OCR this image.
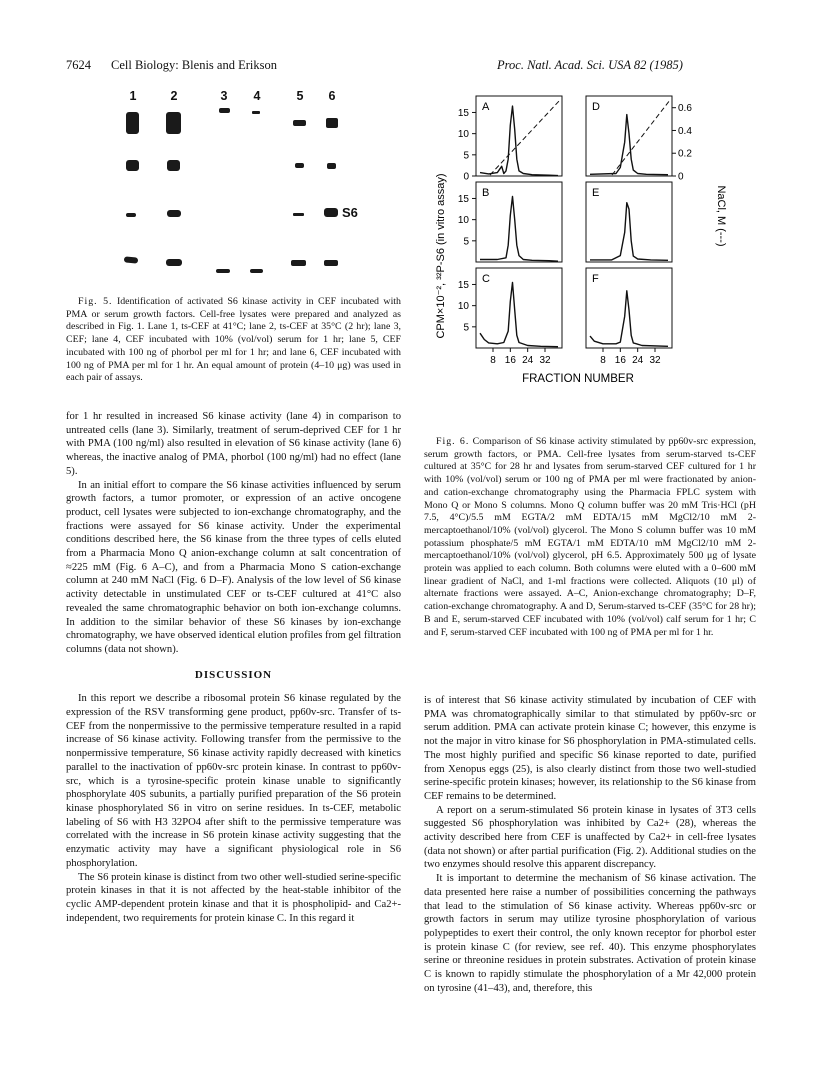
7624 Cell Biology: Blenis and Erikson	Proc. Natl. Acad. Sci. USA 82 (1985)
1	2	3 4	5 6
S6

Fig. 5. Identification of activated S6 kinase activity in CEF incubated with PMA or serum growth factors. Cell-free lysates were prepared and analyzed as described in Fig. 1. Lane 1, ts-CEF at 41°C; lane 2, ts-CEF at 35°C (2 hr); lane 3, CEF; lane 4, CEF incubated with 10% (vol/vol) serum for 1 hr; lane 5, CEF incubated with 100 ng of phorbol per ml for 1 hr; and lane 6, CEF incubated with 100 ng of PMA per ml for 1 hr. An equal amount of protein (4–10 μg) was used in each pair of assays.

for 1 hr resulted in increased S6 kinase activity (lane 4) in comparison to untreated cells (lane 3). Similarly, treatment of serum-deprived CEF for 1 hr with PMA (100 ng/ml) also resulted in elevation of S6 kinase activity (lane 6) whereas, the inactive analog of PMA, phorbol (100 ng/ml) had no effect (lane 5).

In an initial effort to compare the S6 kinase activities influenced by serum growth factors, a tumor promoter, or expression of an active oncogene product, cell lysates were subjected to ion-exchange chromatography, and the fractions were assayed for S6 kinase activity. Under the experimental conditions described here, the S6 kinase from the three types of cells eluted from a Pharmacia Mono Q anion-exchange column at salt concentration of ≈225 mM (Fig. 6 A–C), and from a Pharmacia Mono S cation-exchange column at 240 mM NaCl (Fig. 6 D–F). Analysis of the low level of S6 kinase activity detectable in unstimulated CEF or ts-CEF cultured at 41°C also revealed the same chromatographic behavior on both ion-exchange columns. In addition to the similar behavior of these S6 kinases by ion-exchange chromatography, we have observed identical elution profiles from gel filtration columns (data not shown).

DISCUSSION

In this report we describe a ribosomal protein S6 kinase regulated by the expression of the RSV transforming gene product, pp60v-src. Transfer of ts-CEF from the nonpermissive to the permissive temperature resulted in a rapid increase of S6 kinase activity. Following transfer from the permissive to the nonpermissive temperature, S6 kinase activity rapidly decreased with kinetics parallel to the inactivation of pp60v-src protein kinase. In contrast to pp60v-src, which is a tyrosine-specific protein kinase unable to significantly phosphorylate 40S subunits, a partially purified preparation of the S6 protein kinase phosphorylated S6 in vitro on serine residues. In ts-CEF, metabolic labeling of S6 with H3 32PO4 after shift to the permissive temperature was correlated with the increase in S6 protein kinase activity suggesting that the enzymatic activity may have a significant physiological role in S6 phosphorylation.

The S6 protein kinase is distinct from two other well-studied serine-specific protein kinases in that it is not affected by the heat-stable inhibitor of the cyclic AMP-dependent protein kinase and that it is phospholipid- and Ca2+-independent, two requirements for protein kinase C. In this regard it

A
15
10
5
0
B
15
10
5
C
8 16 24 32
15
10
5
D	0.6
0.4
0.2
0
E
F
8 16 24 32
CPM×10⁻², ³²P-S6 (in vitro assay)	NaCl, M (---)
FRACTION NUMBER

Fig. 6. Comparison of S6 kinase activity stimulated by pp60v-src expression, serum growth factors, or PMA. Cell-free lysates from serum-starved ts-CEF cultured at 35°C for 28 hr and lysates from serum-starved CEF cultured for 1 hr with 10% (vol/vol) serum or 100 ng of PMA per ml were fractionated by anion- and cation-exchange chromatography using the Pharmacia FPLC system with Mono Q or Mono S columns. Mono Q column buffer was 20 mM Tris·HCl (pH 7.5, 4°C)/5.5 mM EGTA/2 mM EDTA/15 mM MgCl2/10 mM 2-mercaptoethanol/10% (vol/vol) glycerol. The Mono S column buffer was 10 mM potassium phosphate/5 mM EGTA/1 mM EDTA/10 mM MgCl2/10 mM 2-mercaptoethanol/10% (vol/vol) glycerol, pH 6.5. Approximately 500 μg of lysate protein was applied to each column. Both columns were eluted with a 0–600 mM linear gradient of NaCl, and 1-ml fractions were collected. Aliquots (10 μl) of alternate fractions were assayed. A–C, Anion-exchange chromatography; D–F, cation-exchange chromatography. A and D, Serum-starved ts-CEF (35°C for 28 hr); B and E, serum-starved CEF incubated with 10% (vol/vol) calf serum for 1 hr; C and F, serum-starved CEF incubated with 100 ng of PMA per ml for 1 hr.

is of interest that S6 kinase activity stimulated by incubation of CEF with PMA was chromatographically similar to that stimulated by pp60v-src or serum addition. PMA can activate protein kinase C; however, this enzyme is not the major in vitro kinase for S6 phosphorylation in PMA-stimulated cells. The most highly purified and specific S6 kinase reported to date, purified from Xenopus eggs (25), is also clearly distinct from those two well-studied serine-specific protein kinases; however, its relationship to the S6 kinase from CEF remains to be determined.

A report on a serum-stimulated S6 protein kinase in lysates of 3T3 cells suggested S6 phosphorylation was inhibited by Ca2+ (28), whereas the activity described here from CEF is unaffected by Ca2+ in cell-free lysates (data not shown) or after partial purification (Fig. 2). Additional studies on the two enzymes should resolve this apparent discrepancy.

It is important to determine the mechanism of S6 kinase activation. The data presented here raise a number of possibilities concerning the pathways that lead to the stimulation of S6 kinase activity. Whereas pp60v-src or growth factors in serum may utilize tyrosine phosphorylation of various polypeptides to exert their control, the only known receptor for phorbol ester is protein kinase C (for review, see ref. 40). This enzyme phosphorylates serine or threonine residues in protein substrates. Activation of protein kinase C is known to rapidly stimulate the phosphorylation of a Mr 42,000 protein on tyrosine (41–43), and, therefore, this
